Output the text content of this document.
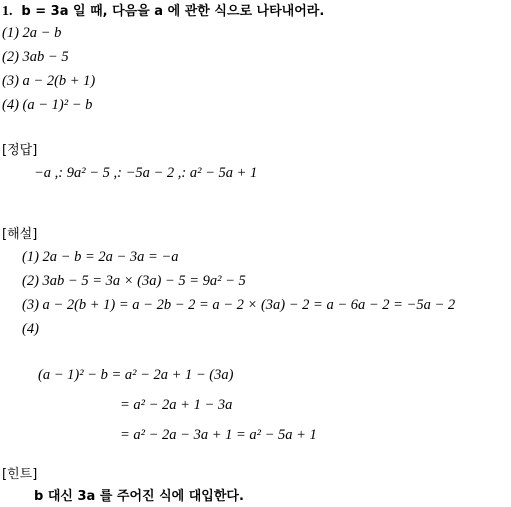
1. b = 3a 일 때, 다음을 a 에 관한 식으로 나타내어라.
(1) 2a − b
(2) 3ab − 5
(3) a − 2(b + 1)
(4) (a − 1)² − b
[정답]
−a ,: 9a² − 5 ,: −5a − 2 ,: a² − 5a + 1
[해설]
(1) 2a − b = 2a − 3a = −a
(2) 3ab − 5 = 3a × (3a) − 5 = 9a² − 5
(3) a − 2(b + 1) = a − 2b − 2 = a − 2 × (3a) − 2 = a − 6a − 2 = −5a − 2
(4)
(a − 1)² − b = a² − 2a + 1 − (3a)
= a² − 2a + 1 − 3a
= a² − 2a − 3a + 1 = a² − 5a + 1
[힌트]
b 대신 3a 를 주어진 식에 대입한다.
